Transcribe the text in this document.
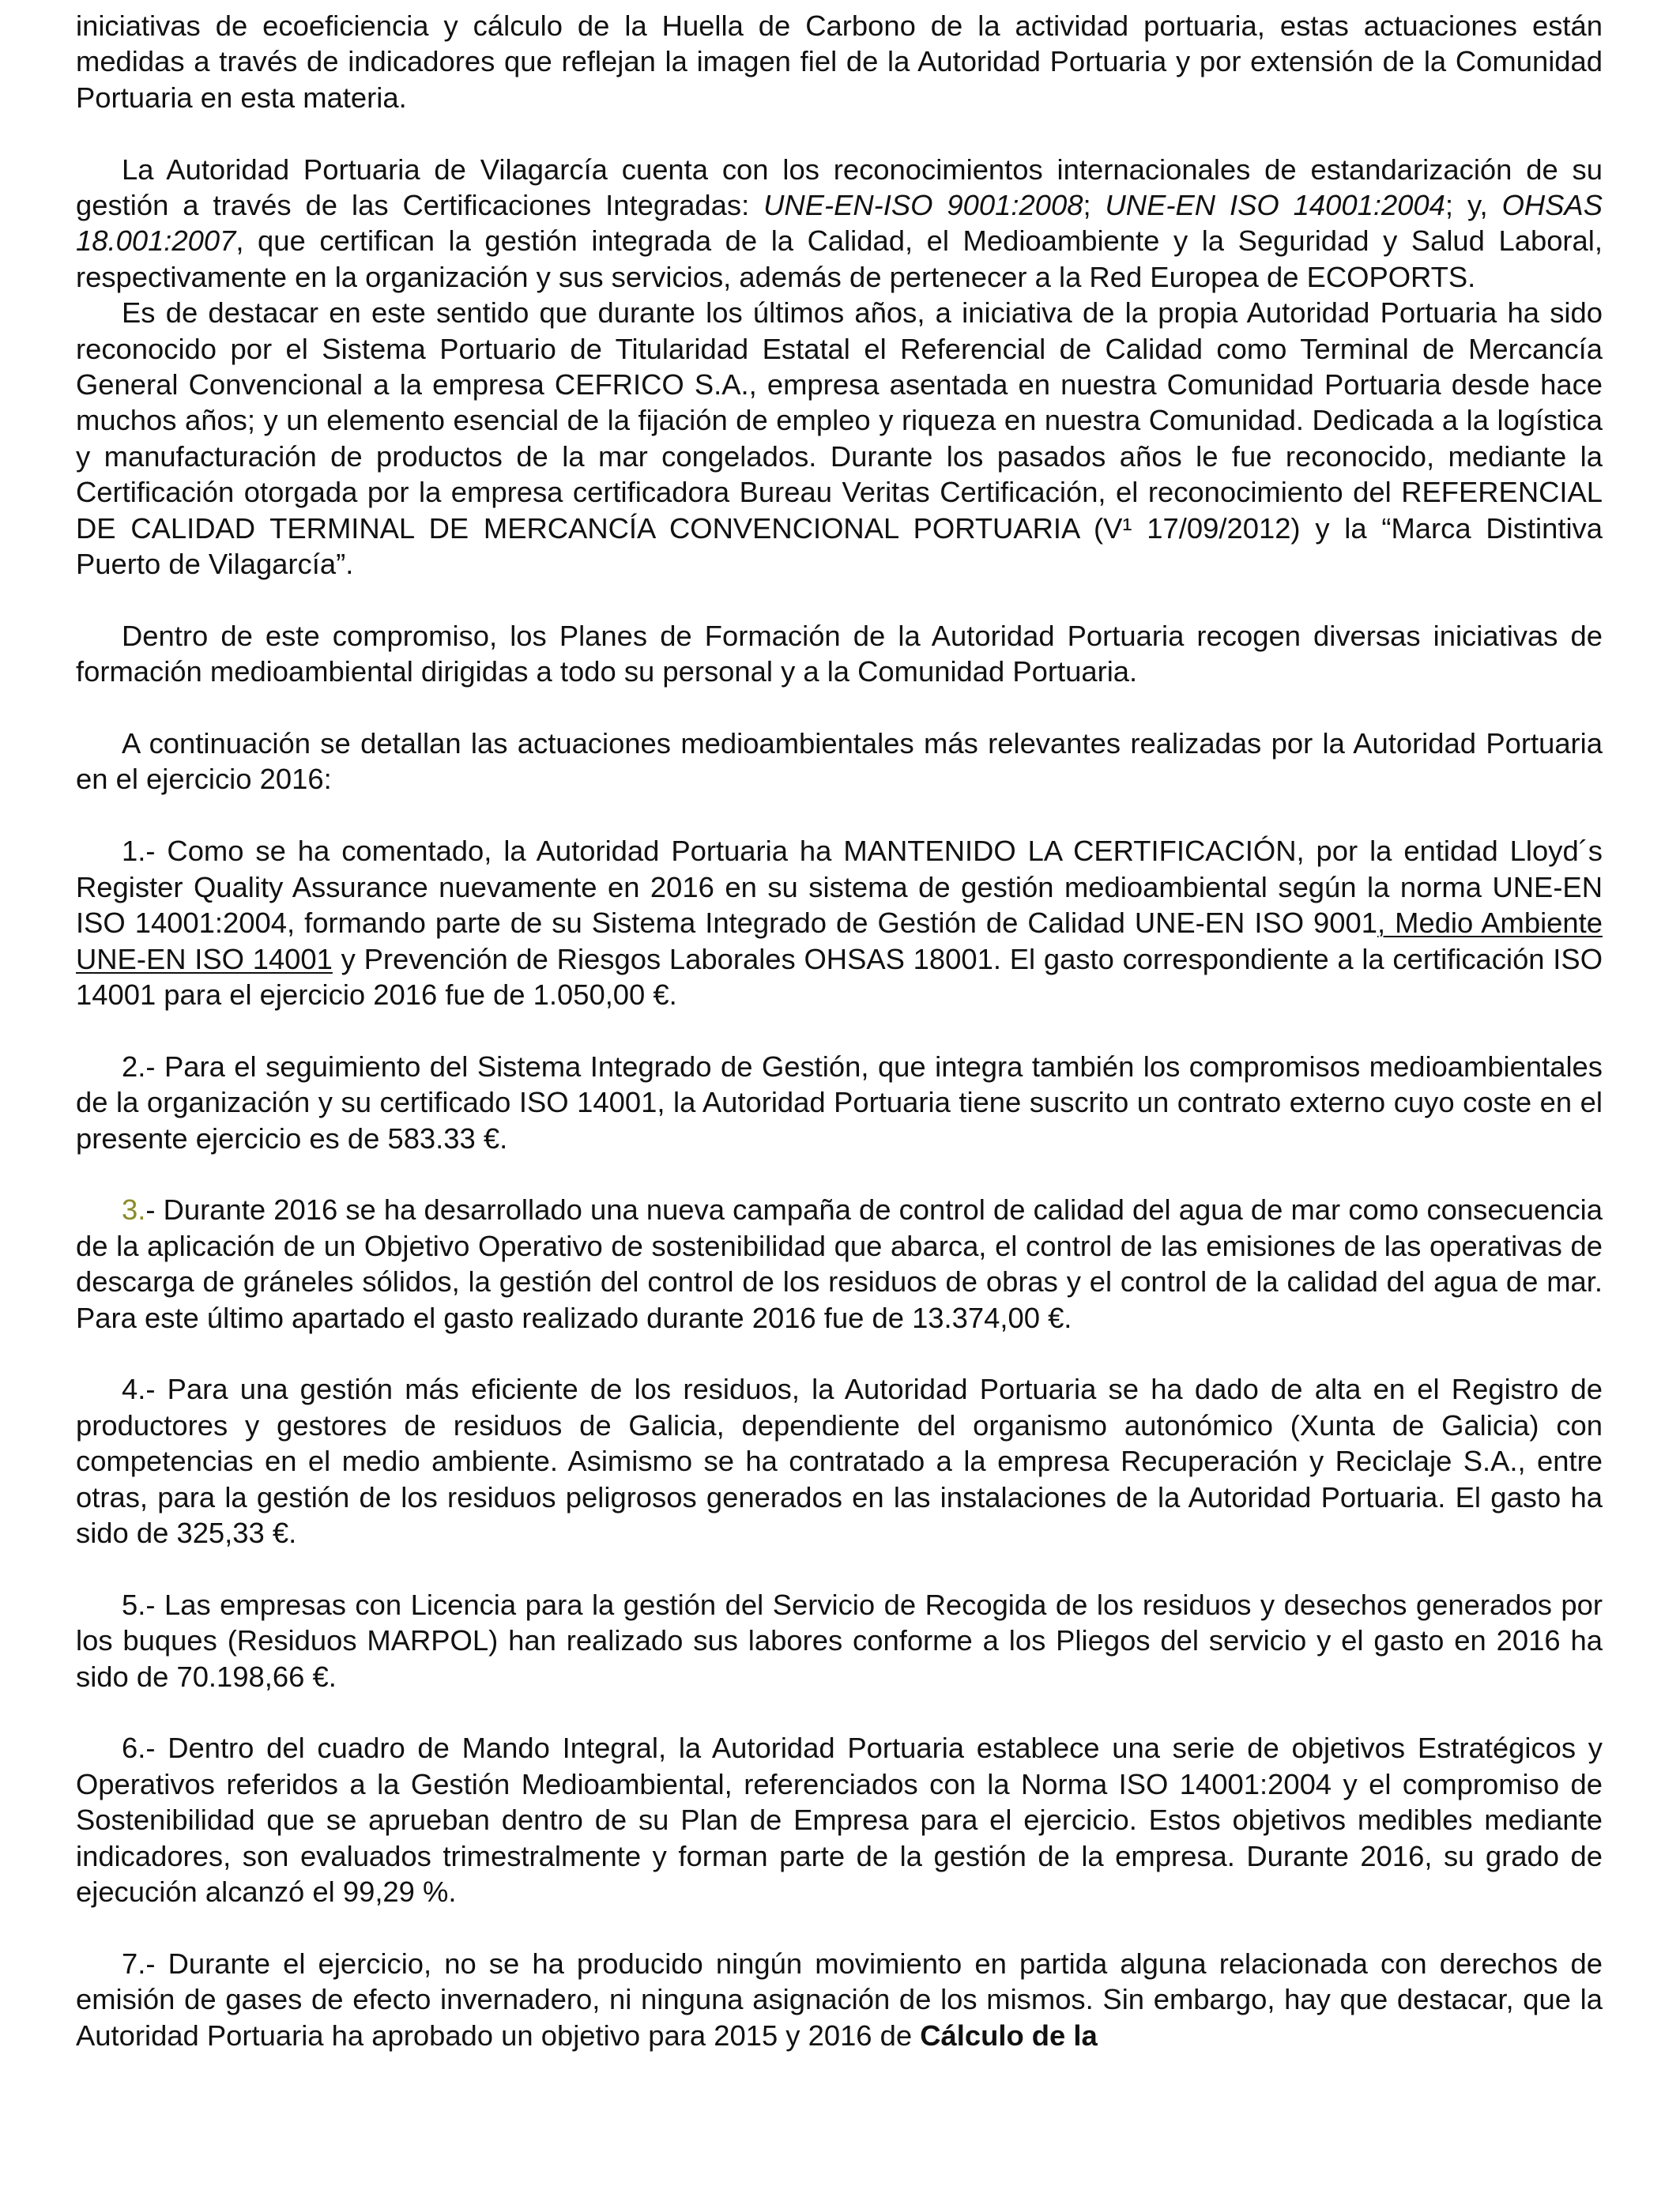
iniciativas de ecoeficiencia y cálculo de la Huella de Carbono de la actividad portuaria, estas actuaciones están medidas a través de indicadores que reflejan la imagen fiel de la Autoridad Portuaria y por extensión de la Comunidad Portuaria en esta materia.

La Autoridad Portuaria de Vilagarcía cuenta con los reconocimientos internacionales de estandarización de su gestión a través de las Certificaciones Integradas: UNE-EN-ISO 9001:2008; UNE-EN ISO 14001:2004; y, OHSAS 18.001:2007, que certifican la gestión integrada de la Calidad, el Medioambiente y la Seguridad y Salud Laboral, respectivamente en la organización y sus servicios, además de pertenecer a la Red Europea de ECOPORTS.

Es de destacar en este sentido que durante los últimos años, a iniciativa de la propia Autoridad Portuaria ha sido reconocido por el Sistema Portuario de Titularidad Estatal el Referencial de Calidad como Terminal de Mercancía General Convencional a la empresa CEFRICO S.A., empresa asentada en nuestra Comunidad Portuaria desde hace muchos años; y un elemento esencial de la fijación de empleo y riqueza en nuestra Comunidad. Dedicada a la logística y manufacturación de productos de la mar congelados. Durante los pasados años le fue reconocido, mediante la Certificación otorgada por la empresa certificadora Bureau Veritas Certificación, el reconocimiento del REFERENCIAL DE CALIDAD TERMINAL DE MERCANCÍA CONVENCIONAL PORTUARIA (V¹ 17/09/2012) y la “Marca Distintiva Puerto de Vilagarcía”.

Dentro de este compromiso, los Planes de Formación de la Autoridad Portuaria recogen diversas iniciativas de formación medioambiental dirigidas a todo su personal y a la Comunidad Portuaria.

A continuación se detallan las actuaciones medioambientales más relevantes realizadas por la Autoridad Portuaria en el ejercicio 2016:

1.- Como se ha comentado, la Autoridad Portuaria ha MANTENIDO LA CERTIFICACIÓN, por la entidad Lloyd´s Register Quality Assurance nuevamente en 2016 en su sistema de gestión medioambiental según la norma UNE-EN ISO 14001:2004, formando parte de su Sistema Integrado de Gestión de Calidad UNE-EN ISO 9001, Medio Ambiente UNE-EN ISO 14001 y Prevención de Riesgos Laborales OHSAS 18001. El gasto correspondiente a la certificación ISO 14001 para el ejercicio 2016 fue de 1.050,00 €.

2.- Para el seguimiento del Sistema Integrado de Gestión, que integra también los compromisos medioambientales de la organización y su certificado ISO 14001, la Autoridad Portuaria tiene suscrito un contrato externo cuyo coste en el presente ejercicio es de 583.33 €.

3.- Durante 2016 se ha desarrollado una nueva campaña de control de calidad del agua de mar como consecuencia de la aplicación de un Objetivo Operativo de sostenibilidad que abarca, el control de las emisiones de las operativas de descarga de gráneles sólidos, la gestión del control de los residuos de obras y el control de la calidad del agua de mar. Para este último apartado el gasto realizado durante 2016 fue de 13.374,00 €.

4.- Para una gestión más eficiente de los residuos, la Autoridad Portuaria se ha dado de alta en el Registro de productores y gestores de residuos de Galicia, dependiente del organismo autonómico (Xunta de Galicia) con competencias en el medio ambiente. Asimismo se ha contratado a la empresa Recuperación y Reciclaje S.A., entre otras, para la gestión de los residuos peligrosos generados en las instalaciones de la Autoridad Portuaria. El gasto ha sido de 325,33 €.

5.- Las empresas con Licencia para la gestión del Servicio de Recogida de los residuos y desechos generados por los buques (Residuos MARPOL) han realizado sus labores conforme a los Pliegos del servicio y el gasto en 2016 ha sido de 70.198,66 €.

6.- Dentro del cuadro de Mando Integral, la Autoridad Portuaria establece una serie de objetivos Estratégicos y Operativos referidos a la Gestión Medioambiental, referenciados con la Norma ISO 14001:2004 y el compromiso de Sostenibilidad que se aprueban dentro de su Plan de Empresa para el ejercicio. Estos objetivos medibles mediante indicadores, son evaluados trimestralmente y forman parte de la gestión de la empresa. Durante 2016, su grado de ejecución alcanzó el 99,29 %.

7.- Durante el ejercicio, no se ha producido ningún movimiento en partida alguna relacionada con derechos de emisión de gases de efecto invernadero, ni ninguna asignación de los mismos. Sin embargo, hay que destacar, que la Autoridad Portuaria ha aprobado un objetivo para 2015 y 2016 de Cálculo de la
